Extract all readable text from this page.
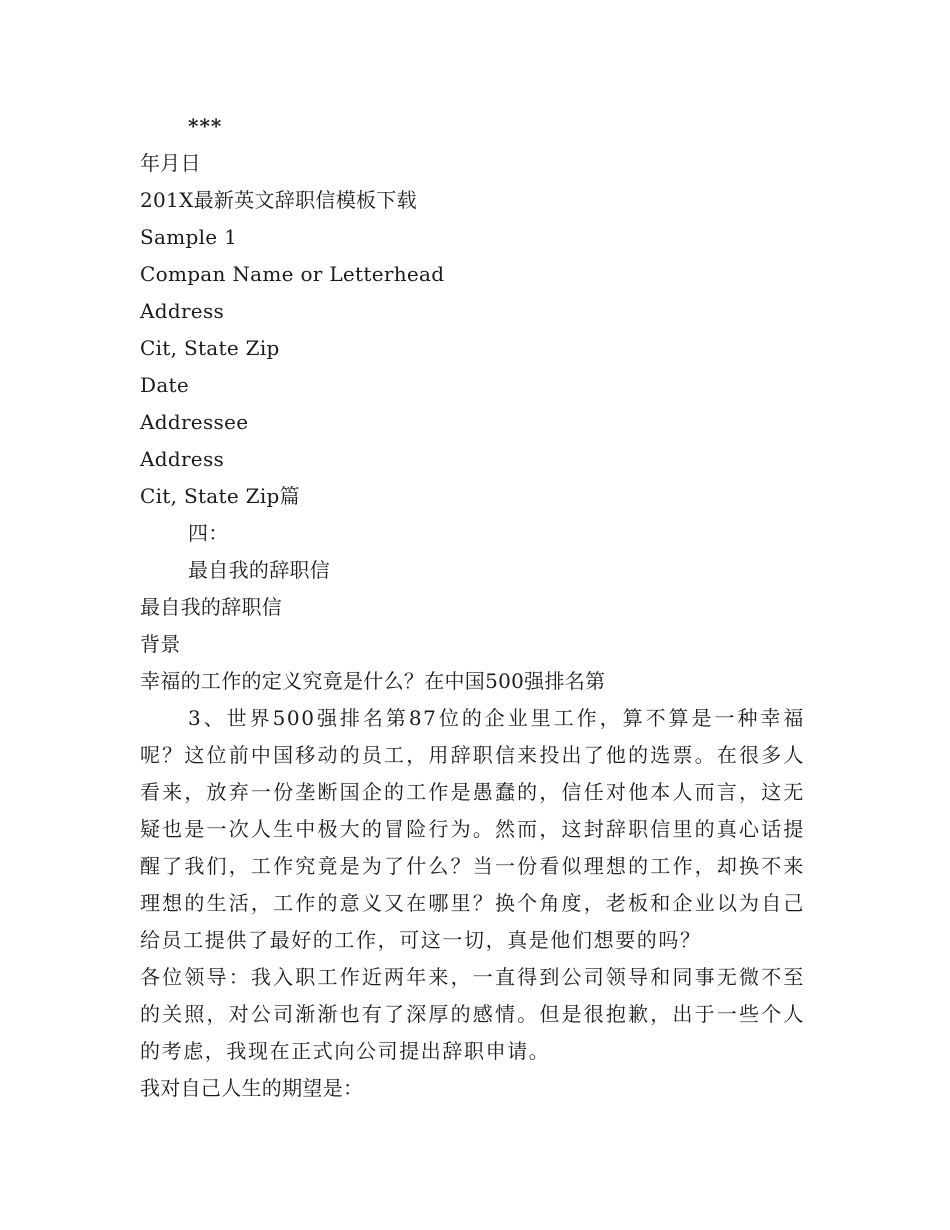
***

年月日

201X最新英文辞职信模板下载

Sample 1

Compan Name or Letterhead

Address

Cit, State Zip

Date

Addressee

Address

Cit, State Zip篇

四：

最自我的辞职信

最自我的辞职信

背景

幸福的工作的定义究竟是什么？在中国500强排名第

3、世界500强排名第87位的企业里工作，算不算是一种幸福呢？这位前中国移动的员工，用辞职信来投出了他的选票。在很多人看来，放弃一份垄断国企的工作是愚蠢的，信任对他本人而言，这无疑也是一次人生中极大的冒险行为。然而，这封辞职信里的真心话提醒了我们，工作究竟是为了什么？当一份看似理想的工作，却换不来理想的生活，工作的意义又在哪里？换个角度，老板和企业以为自己给员工提供了最好的工作，可这一切，真是他们想要的吗？

各位领导：我入职工作近两年来，一直得到公司领导和同事无微不至的关照，对公司渐渐也有了深厚的感情。但是很抱歉，出于一些个人的考虑，我现在正式向公司提出辞职申请。

我对自己人生的期望是：
